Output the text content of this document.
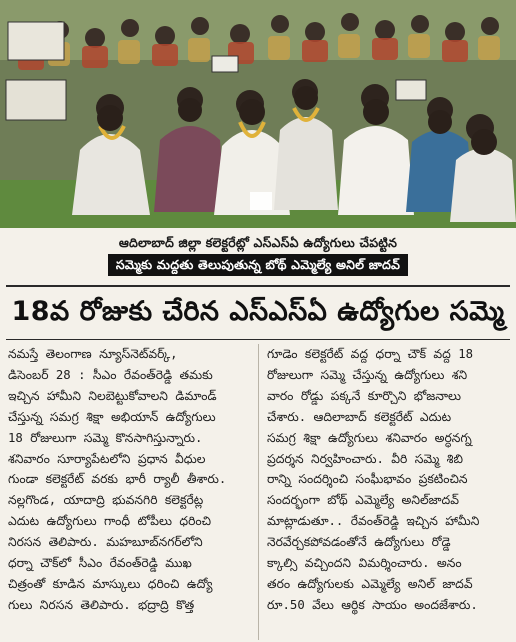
ఆదిలాబాద్ జిల్లా కలెక్టరేట్లో ఎస్ఎస్ఏ ఉద్యోగులు చేపట్టిన
సమ్మెకు మద్దతు తెలుపుతున్న బోథ్ ఎమ్మెల్యే అనిల్ జాదవ్
18వ రోజుకు చేరిన ఎస్ఎస్ఏ ఉద్యోగుల సమ్మె
నమస్తే తెలంగాణ న్యూస్‌నెట్‌వర్క్,
డిసెంబర్ 28 : సీఎం రేవంత్‌రెడ్డి తమకు
ఇచ్చిన హామీని నిలబెట్టుకోవాలని డిమాండ్
చేస్తున్న సమగ్ర శిక్షా అభియాన్ ఉద్యోగులు
18 రోజులుగా సమ్మె కొనసాగిస్తున్నారు.
శనివారం సూర్యాపేటలోని ప్రధాన వీధుల
గుండా కలెక్టరేట్ వరకు భారీ ర్యాలీ తీశారు.
నల్లగొండ, యాదాద్రి భువనగిరి కలెక్టరేట్ల
ఎదుట ఉద్యోగులు గాంధీ టోపీలు ధరించి
నిరసన తెలిపారు. మహబూబ్‌నగర్‌లోని
ధర్నా చౌక్‌లో సీఎం రేవంత్‌రెడ్డి ముఖ
చిత్రంతో కూడిన మాస్కులు ధరించి ఉద్యో
గులు నిరసన తెలిపారు. భద్రాద్రి కొత్త
గూడెం కలెక్టరేట్ వద్ద ధర్నా చౌక్ వద్ద 18
రోజులుగా సమ్మె చేస్తున్న ఉద్యోగులు శని
వారం రోడ్డు పక్కనే కూర్చొని భోజనాలు
చేశారు. ఆదిలాబాద్ కలెక్టరేట్ ఎదుట
సమగ్ర శిక్షా ఉద్యోగులు శనివారం అర్ధనగ్న
ప్రదర్శన నిర్వహించారు. వీరి సమ్మె శిబి
రాన్ని సందర్శించి సంఘీభావం ప్రకటించిన
సందర్భంగా బోథ్ ఎమ్మెల్యే అనిల్‌జాదవ్
మాట్లాడుతూ.. రేవంత్‌రెడ్డి ఇచ్చిన హామీని
నెరవేర్చకపోవడంతోనే ఉద్యోగులు రోడ్డె
క్కాల్సి వచ్చిందని విమర్శించారు. అనం
తరం ఉద్యోగులకు ఎమ్మెల్యే అనిల్ జాదవ్
రూ.50 వేలు ఆర్థిక సాయం అందజేశారు.
